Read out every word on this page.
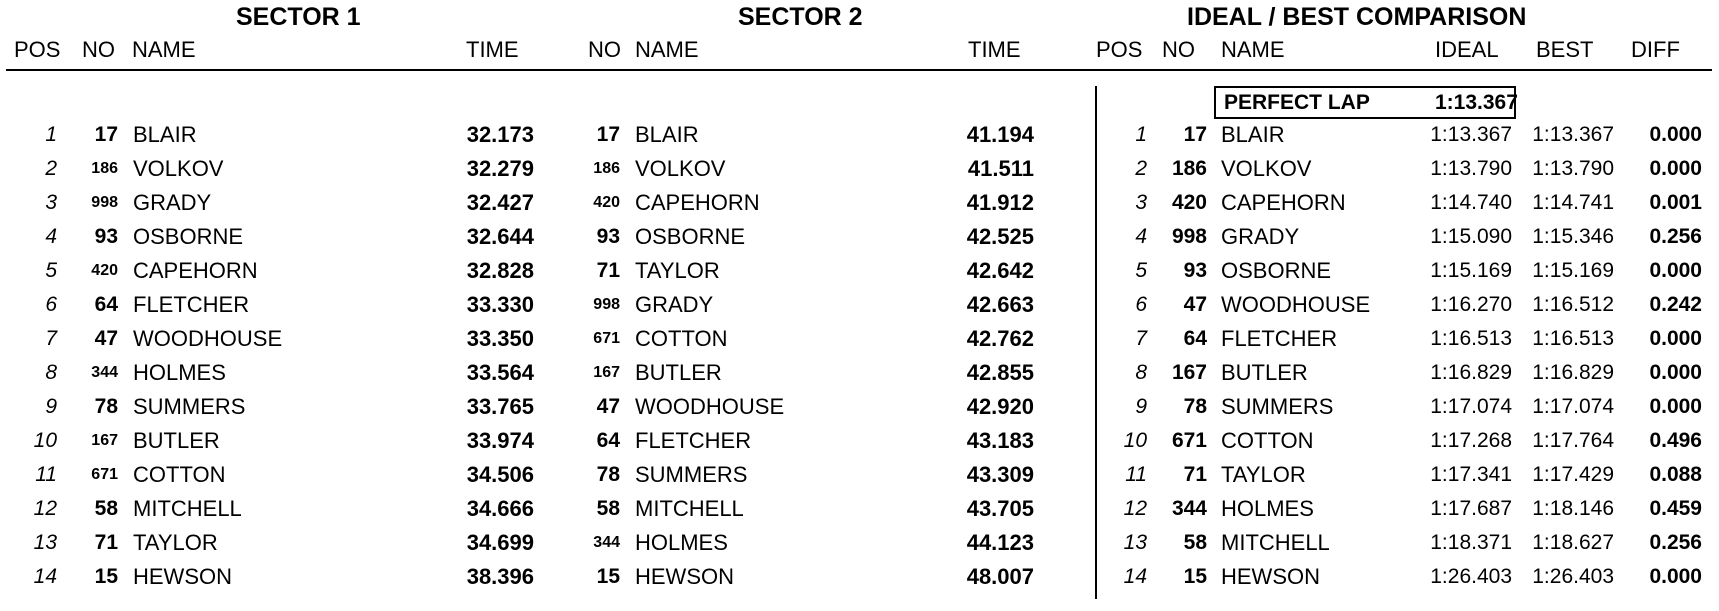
SECTOR 1	SECTOR 2	IDEAL / BEST COMPARISON
POS NO NAME	TIME	NO NAME	TIME	POS NO NAME	IDEAL BEST DIFF
PERFECT LAP	1:13.367
1	17 BLAIR	32.173	17 BLAIR	41.194	1	17 BLAIR	1:13.367 1:13.367	0.000
2	186 VOLKOV	32.279	186 VOLKOV	41.511	2	186 VOLKOV	1:13.790 1:13.790	0.000
3	998 GRADY	32.427	420 CAPEHORN	41.912	3	420 CAPEHORN	1:14.740 1:14.741	0.001
4	93 OSBORNE	32.644	93 OSBORNE	42.525	4	998 GRADY	1:15.090 1:15.346	0.256
5	420 CAPEHORN	32.828	71 TAYLOR	42.642	5	93 OSBORNE	1:15.169 1:15.169	0.000
6	64 FLETCHER	33.330	998 GRADY	42.663	6	47 WOODHOUSE	1:16.270 1:16.512	0.242
7	47 WOODHOUSE	33.350	671 COTTON	42.762	7	64 FLETCHER	1:16.513 1:16.513	0.000
8	344 HOLMES	33.564	167 BUTLER	42.855	8	167 BUTLER	1:16.829 1:16.829	0.000
9	78 SUMMERS	33.765	47 WOODHOUSE	42.920	9	78 SUMMERS	1:17.074 1:17.074	0.000
10	167 BUTLER	33.974	64 FLETCHER	43.183	10	671 COTTON	1:17.268 1:17.764	0.496
11	671 COTTON	34.506	78 SUMMERS	43.309	11	71 TAYLOR	1:17.341 1:17.429	0.088
12	58 MITCHELL	34.666	58 MITCHELL	43.705	12	344 HOLMES	1:17.687 1:18.146	0.459
13	71 TAYLOR	34.699	344 HOLMES	44.123	13	58 MITCHELL	1:18.371 1:18.627	0.256
14	15 HEWSON	38.396	15 HEWSON	48.007	14	15 HEWSON	1:26.403 1:26.403	0.000
